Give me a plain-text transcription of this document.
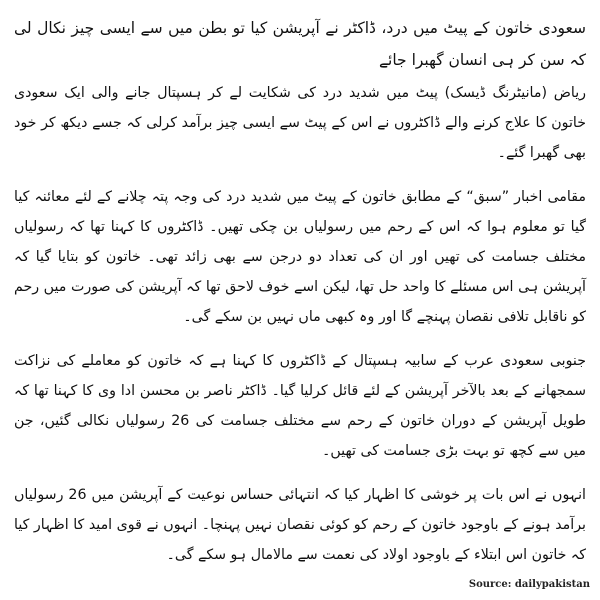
سعودی خاتون کے پیٹ میں درد، ڈاکٹر نے آپریشن کیا تو بطن میں سے ایسی چیز نکال لی کہ سن کر ہی انسان گھبرا جائے

ریاض (مانیٹرنگ ڈیسک) پیٹ میں شدید درد کی شکایت لے کر ہسپتال جانے والی ایک سعودی خاتون کا علاج کرنے والے ڈاکٹروں نے اس کے پیٹ سے ایسی چیز برآمد کرلی کہ جسے دیکھ کر خود بھی گھبرا گئے۔

مقامی اخبار ”سبق“ کے مطابق خاتون کے پیٹ میں شدید درد کی وجہ پتہ چلانے کے لئے معائنہ کیا گیا تو معلوم ہوا کہ اس کے رحم میں رسولیاں بن چکی تھیں۔ ڈاکٹروں کا کہنا تھا کہ رسولیاں مختلف جسامت کی تھیں اور ان کی تعداد دو درجن سے بھی زائد تھی۔ خاتون کو بتایا گیا کہ آپریشن ہی اس مسئلے کا واحد حل تھا، لیکن اسے خوف لاحق تھا کہ آپریشن کی صورت میں رحم کو ناقابل تلافی نقصان پہنچے گا اور وہ کبھی ماں نہیں بن سکے گی۔

جنوبی سعودی عرب کے سابیہ ہسپتال کے ڈاکٹروں کا کہنا ہے کہ خاتون کو معاملے کی نزاکت سمجھانے کے بعد بالآخر آپریشن کے لئے قائل کرلیا گیا۔ ڈاکٹر ناصر بن محسن ادا وی کا کہنا تھا کہ طویل آپریشن کے دوران خاتون کے رحم سے مختلف جسامت کی 26 رسولیاں نکالی گئیں، جن میں سے کچھ تو بہت بڑی جسامت کی تھیں۔

انہوں نے اس بات پر خوشی کا اظہار کیا کہ انتہائی حساس نوعیت کے آپریشن میں 26 رسولیاں برآمد ہونے کے باوجود خاتون کے رحم کو کوئی نقصان نہیں پہنچا۔ انہوں نے قوی امید کا اظہار کیا کہ خاتون اس ابتلاء کے باوجود اولاد کی نعمت سے مالامال ہو سکے گی۔

Source: dailypakistan
